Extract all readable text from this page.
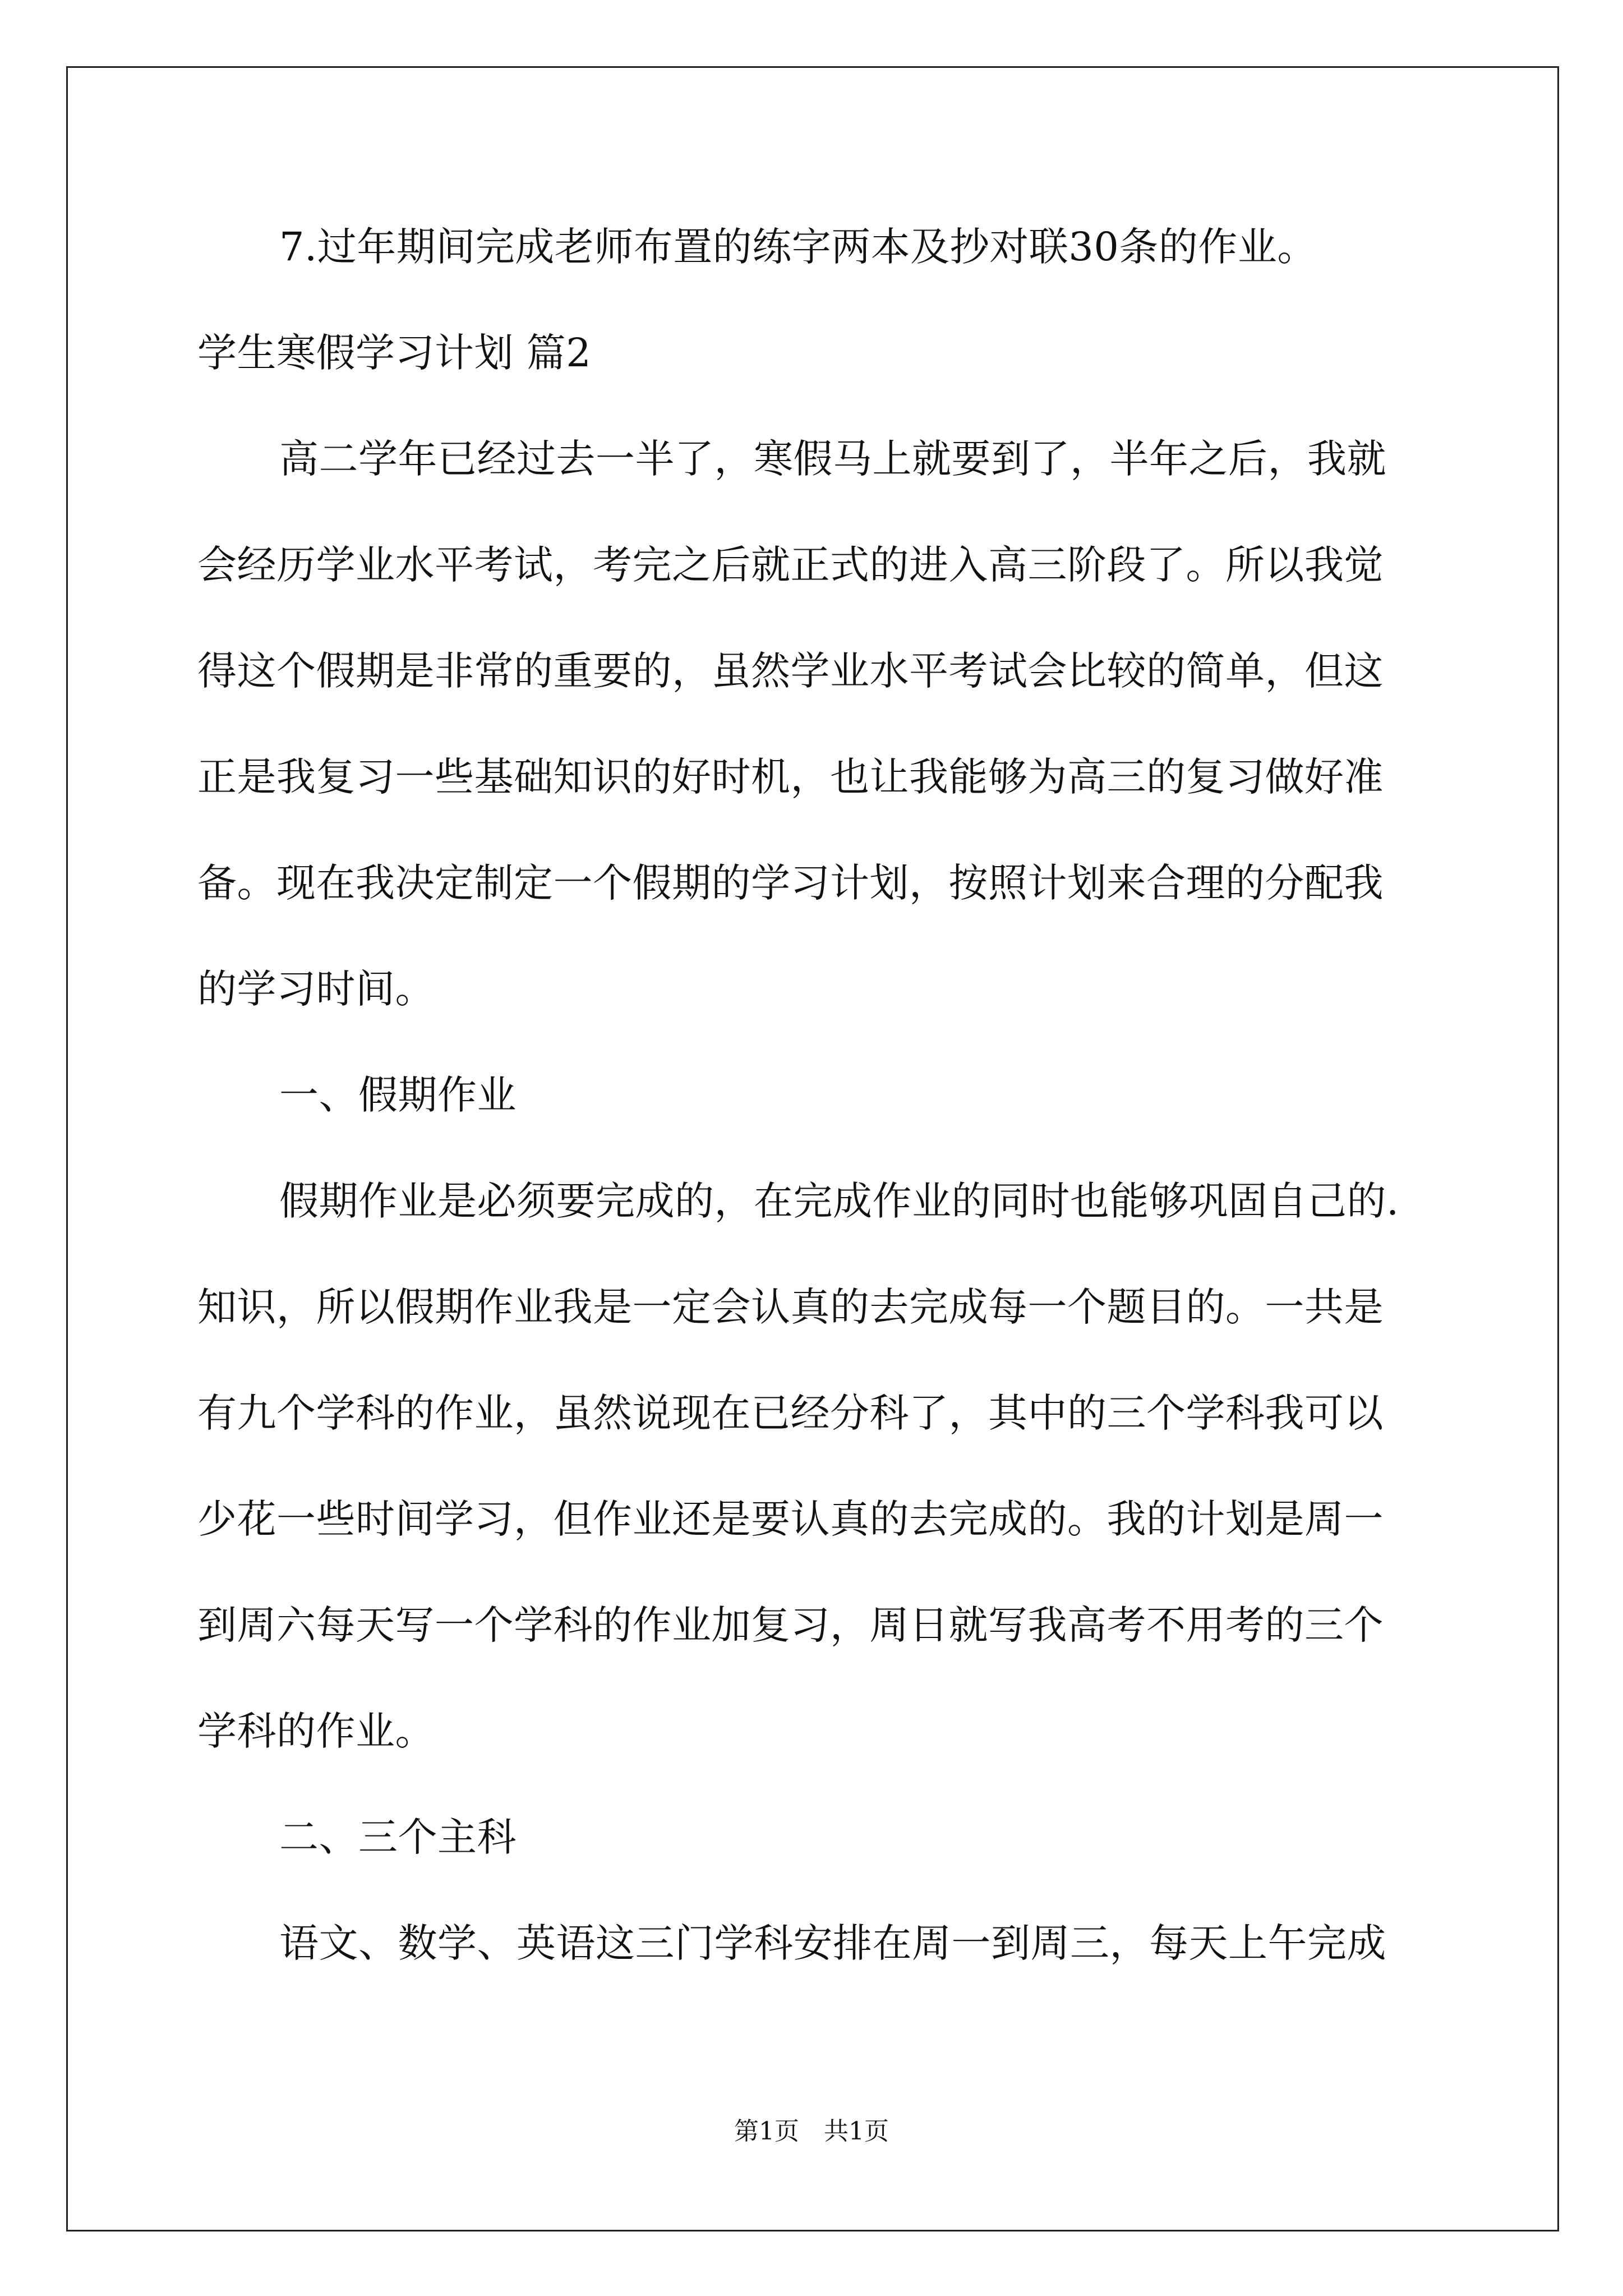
7.过年期间完成老师布置的练字两本及抄对联30条的作业。
学生寒假学习计划 篇2
高二学年已经过去一半了，寒假马上就要到了，半年之后，我就
会经历学业水平考试，考完之后就正式的进入高三阶段了。所以我觉
得这个假期是非常的重要的，虽然学业水平考试会比较的简单，但这
正是我复习一些基础知识的好时机，也让我能够为高三的复习做好准
备。现在我决定制定一个假期的学习计划，按照计划来合理的分配我
的学习时间。
一、假期作业
假期作业是必须要完成的，在完成作业的同时也能够巩固自己的.
知识，所以假期作业我是一定会认真的去完成每一个题目的。一共是
有九个学科的作业，虽然说现在已经分科了，其中的三个学科我可以
少花一些时间学习，但作业还是要认真的去完成的。我的计划是周一
到周六每天写一个学科的作业加复习，周日就写我高考不用考的三个
学科的作业。
二、三个主科
语文、数学、英语这三门学科安排在周一到周三，每天上午完成
第1页　共1页
